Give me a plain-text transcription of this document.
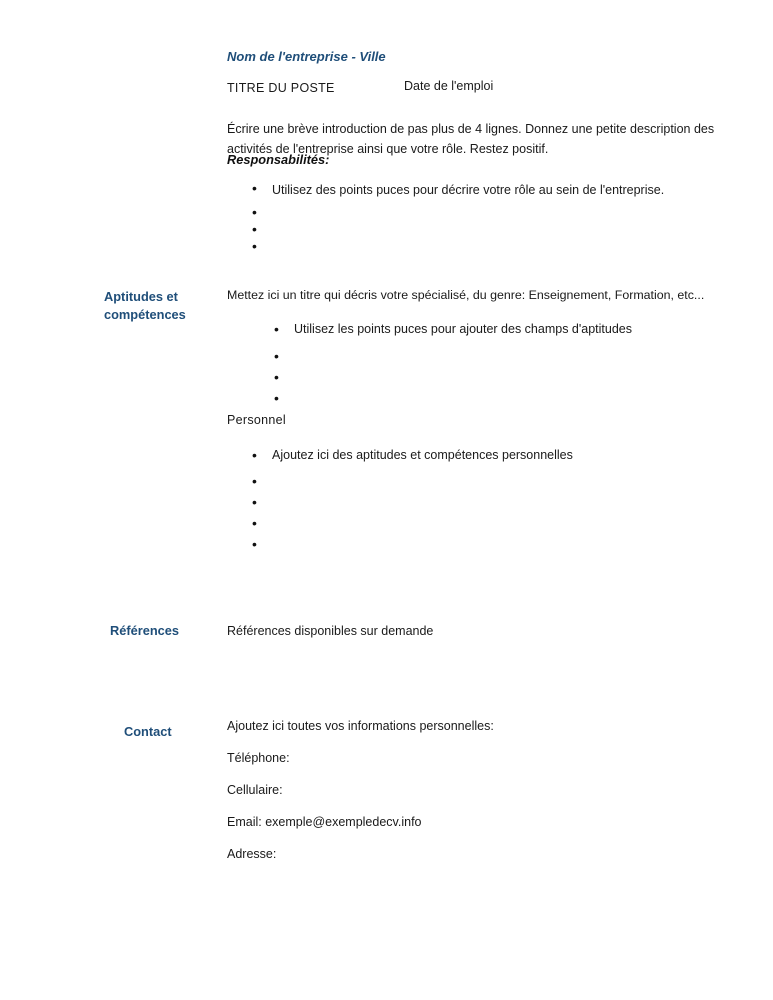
Nom de l'entreprise - Ville
TITRE DU POSTE	Date de l'emploi

Écrire une brève introduction de pas plus de 4 lignes. Donnez une petite description des activités de l'entreprise ainsi que votre rôle. Restez positif.

Responsabilités:
• Utilisez des points puces pour décrire votre rôle au sein de l'entreprise.
•
•
•
Aptitudes et compétences
Mettez ici un titre qui décris votre spécialisé, du genre: Enseignement, Formation, etc...
• Utilisez les points puces pour ajouter des champs d'aptitudes
•
•
•
Personnel
• Ajoutez ici des aptitudes et compétences personnelles
•
•
•
•
Références	Références disponibles sur demande
Contact	Ajoutez ici toutes vos informations personnelles:

Téléphone:

Cellulaire:

Email: exemple@exempledecv.info

Adresse:
